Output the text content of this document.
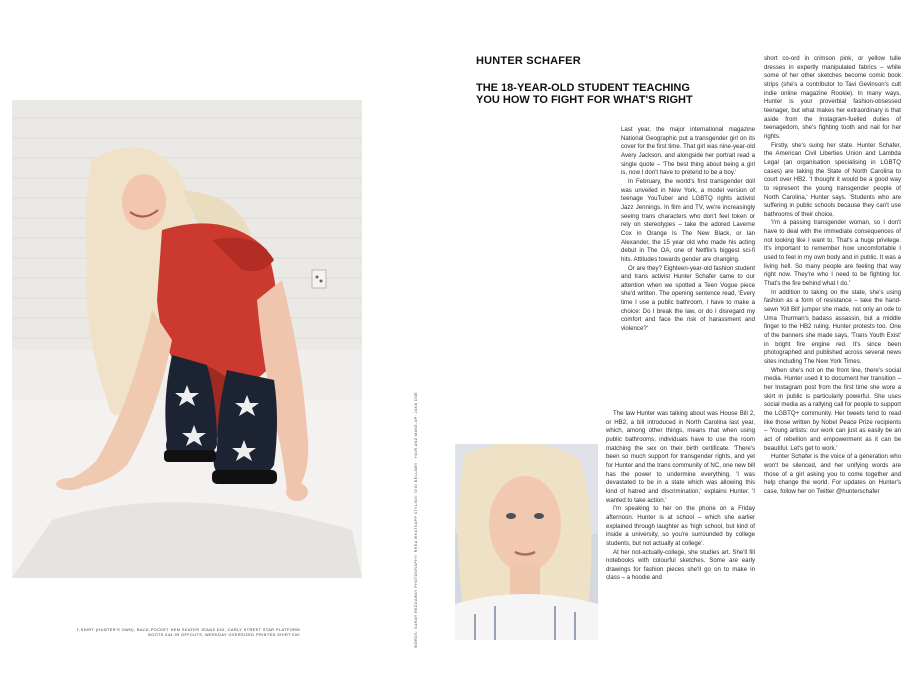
T-SHIRT (HUNTER'S OWN), BACK-POCKET HEM SKATER JEANS £40, CARLY STREET STAR PLATFORM BOOTS £44.99 OFFCUTS, WEEKDAY OVERSIZED PRINTED SHIRT £00	WORDS: SARAH REDDAWAY PHOTOGRAPHY: RHEA WHATSAPP STYLING: GIGI BELLAMY · HAIR AND MAKE-UP: JANE DOE
HUNTER SCHAFER
THE 18-YEAR-OLD STUDENT TEACHING
YOU HOW TO FIGHT FOR WHAT'S RIGHT

Last year, the major international magazine National Geographic put a transgender girl on its cover for the first time. That girl was nine-year-old Avery Jackson, and alongside her portrait read a single quote – 'The best thing about being a girl is, now I don't have to pretend to be a boy.'

In February, the world's first transgender doll was unveiled in New York, a model version of teenage YouTuber and LGBTQ rights activist Jazz Jennings. In film and TV, we're increasingly seeing trans characters who don't feel token or rely on stereotypes – take the adored Laverne Cox in Orange Is The New Black, or Ian Alexander, the 15 year old who made his acting debut in The OA, one of Netflix's biggest sci-fi hits. Attitudes towards gender are changing.

Or are they? Eighteen-year-old fashion student and trans activist Hunter Schafer came to our attention when we spotted a Teen Vogue piece she'd written. The opening sentence read, 'Every time I use a public bathroom, I have to make a choice: Do I break the law, or do I disregard my comfort and face the risk of harassment and violence?'

The law Hunter was talking about was House Bill 2, or HB2, a bill introduced in North Carolina last year, which, among other things, means that when using public bathrooms, individuals have to use the room matching the sex on their birth certificate. 'There's been so much support for transgender rights, and yet for Hunter and the trans community of NC, one new bill has the power to undermine everything. 'I was devastated to be in a state which was allowing this kind of hatred and discrimination,' explains Hunter. 'I wanted to take action.'

I'm speaking to her on the phone on a Friday afternoon. Hunter is at school – which she earlier explained through laughter as 'high school, but kind of inside a university, so you're surrounded by college students, but not actually at college'.

At her not-actually-college, she studies art. She'll fill notebooks with colourful sketches. Some are early drawings for fashion pieces she'll go on to make in class – a hoodie and

short co-ord in crimson pink, or yellow tulle dresses in expertly manipulated fabrics – while some of her other sketches become comic book strips (she's a contributor to Tavi Gevinson's cult indie online magazine Rookie). In many ways, Hunter is your proverbial fashion-obsessed teenager, but what makes her extraordinary is that aside from the Instagram-fuelled duties of teenagedom, she's fighting tooth and nail for her rights.

Firstly, she's suing her state. Hunter Schafer, the American Civil Liberties Union and Lambda Legal (an organisation specialising in LGBTQ cases) are taking the State of North Carolina to court over HB2. 'I thought it would be a good way to represent the young transgender people of North Carolina,' Hunter says. 'Students who are suffering in public schools because they can't use bathrooms of their choice.

'I'm a passing transgender woman, so I don't have to deal with the immediate consequences of not looking like I want to. That's a huge privilege. It's important to remember how uncomfortable I used to feel in my own body and in public. It was a living hell. So many people are feeling that way right now. They're who I need to be fighting for. That's the fire behind what I do.'

In addition to taking on the state, she's using fashion as a form of resistance – take the hand-sewn 'Kill Bill' jumper she made, not only an ode to Uma Thurman's badass assassin, but a middle finger to the HB2 ruling. Hunter protests too. One of the banners she made says, 'Trans Youth Exist' in bright fire engine red. It's since been photographed and published across several news sites including The New York Times.

When she's not on the front line, there's social media. Hunter used it to document her transition – her Instagram post from the first time she wore a skirt in public is particularly powerful. She uses social media as a rallying call for people to support the LGBTQ+ community. Her tweets tend to read like those written by Nobel Peace Prize recipients – 'Young artists: our work can just as easily be an act of rebellion and empowerment as it can be beautiful. Let's get to work.'

Hunter Schafer is the voice of a generation who won't be silenced, and her unifying words are those of a girl asking you to come together and help change the world. For updates on Hunter's case, follow her on Twitter @hunterschafer
